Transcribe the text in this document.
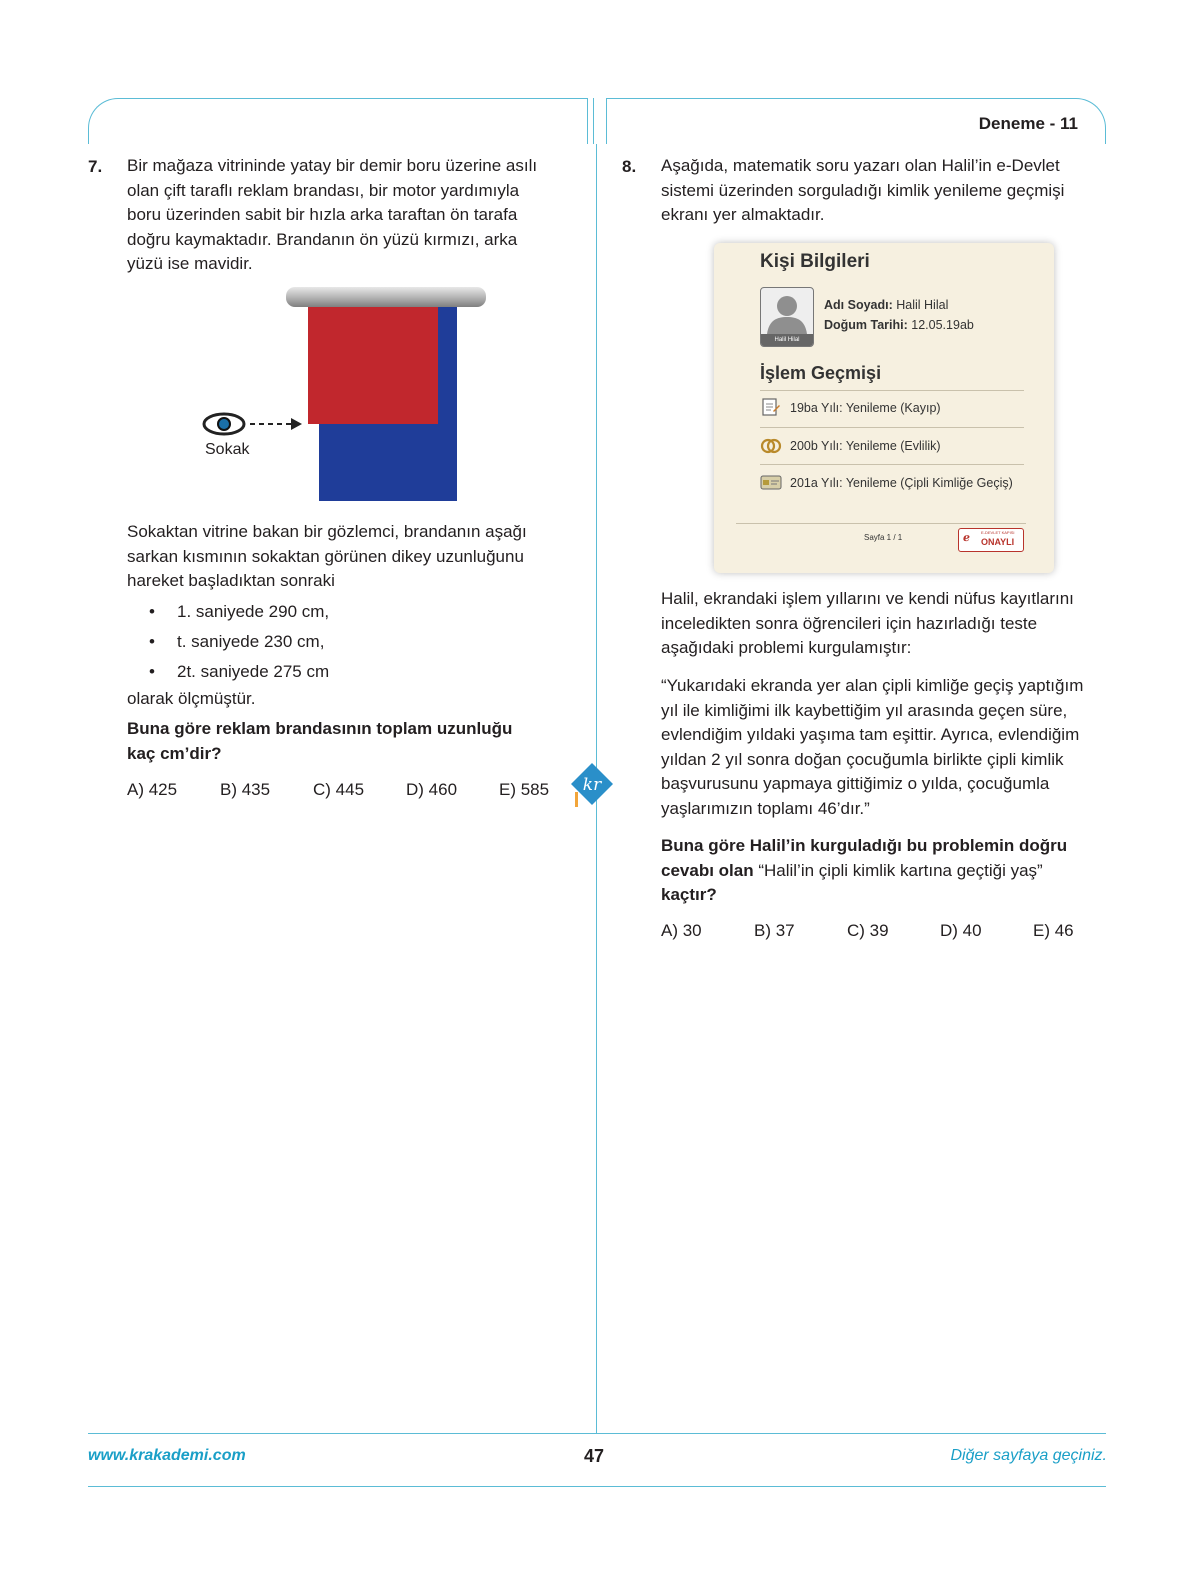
Deneme - 11
7. Bir mağaza vitrininde yatay bir demir boru üzerine asılı
olan çift taraflı reklam brandası, bir motor yardımıyla
boru üzerinden sabit bir hızla arka taraftan ön tarafa
doğru kaymaktadır. Brandanın ön yüzü kırmızı, arka
yüzü ise mavidir.
Sokak
Sokaktan vitrine bakan bir gözlemci, brandanın aşağı
sarkan kısmının sokaktan görünen dikey uzunluğunu
hareket başladıktan sonraki
• 1. saniyede 290 cm,
• t. saniyede 230 cm,
• 2t. saniyede 275 cm
olarak ölçmüştür.
Buna göre reklam brandasının toplam uzunluğu
kaç cm’dir?
A) 425	B) 435	C) 445 D) 460 E) 585 kr
8. Aşağıda, matematik soru yazarı olan Halil’in e-Devlet
sistemi üzerinden sorguladığı kimlik yenileme geçmişi
ekranı yer almaktadır.
Kişi Bilgileri
Halil Hilal
Adı Soyadı: Halil Hilal
Doğum Tarihi: 12.05.19ab
İşlem Geçmişi
19ba Yılı: Yenileme (Kayıp)
200b Yılı: Yenileme (Evlilik)
201a Yılı: Yenileme (Çipli Kimliğe Geçiş)
Sayfa 1 / 1	ℯ	E-DEVLET KAPISI
ONAYLI
Halil, ekrandaki işlem yıllarını ve kendi nüfus kayıtlarını
inceledikten sonra öğrencileri için hazırladığı teste
aşağıdaki problemi kurgulamıştır:
“Yukarıdaki ekranda yer alan çipli kimliğe geçiş yaptığım
yıl ile kimliğimi ilk kaybettiğim yıl arasında geçen süre,
evlendiğim yıldaki yaşıma tam eşittir. Ayrıca, evlendiğim
yıldan 2 yıl sonra doğan çocuğumla birlikte çipli kimlik
başvurusunu yapmaya gittiğimiz o yılda, çocuğumla
yaşlarımızın toplamı 46’dır.”
Buna göre Halil’in kurguladığı bu problemin doğru
cevabı olan “Halil’in çipli kimlik kartına geçtiği yaş”
kaçtır?
A) 30	B) 37	C) 39	D) 40	E) 46
www.krakademi.com	47	Diğer sayfaya geçiniz.
